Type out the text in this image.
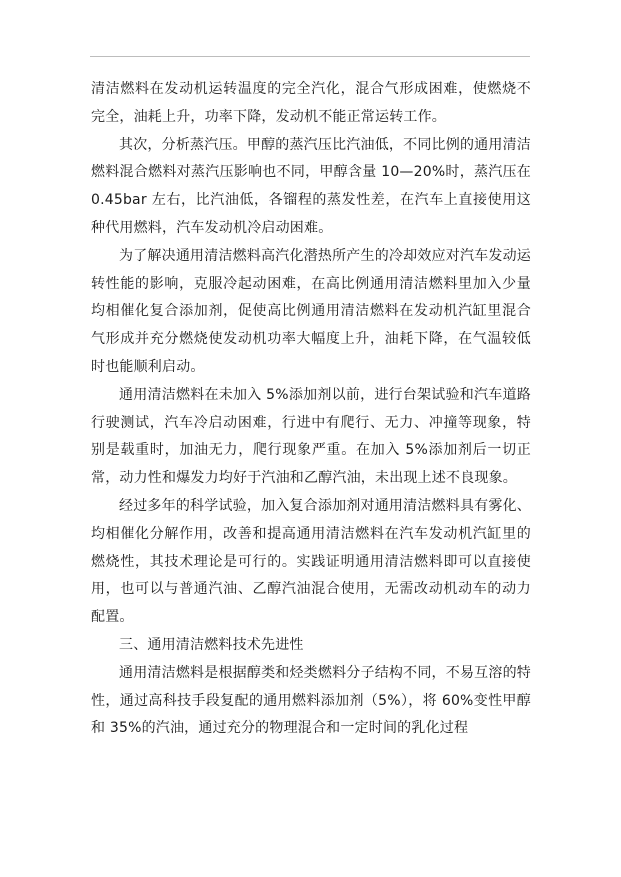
清洁燃料在发动机运转温度的完全汽化，混合气形成困难，使燃烧不完全，油耗上升，功率下降，发动机不能正常运转工作。

其次，分析蒸汽压。甲醇的蒸汽压比汽油低，不同比例的通用清洁燃料混合燃料对蒸汽压影响也不同，甲醇含量 10—20%时，蒸汽压在 0.45bar 左右，比汽油低，各镏程的蒸发性差，在汽车上直接使用这种代用燃料，汽车发动机冷启动困难。

为了解决通用清洁燃料高汽化潜热所产生的冷却效应对汽车发动运转性能的影响，克服冷起动困难，在高比例通用清洁燃料里加入少量均相催化复合添加剂，促使高比例通用清洁燃料在发动机汽缸里混合气形成并充分燃烧使发动机功率大幅度上升，油耗下降，在气温较低时也能顺利启动。

通用清洁燃料在未加入 5%添加剂以前，进行台架试验和汽车道路行驶测试，汽车冷启动困难，行进中有爬行、无力、冲撞等现象，特别是载重时，加油无力，爬行现象严重。在加入 5%添加剂后一切正常，动力性和爆发力均好于汽油和乙醇汽油，未出现上述不良现象。

经过多年的科学试验，加入复合添加剂对通用清洁燃料具有雾化、均相催化分解作用，改善和提高通用清洁燃料在汽车发动机汽缸里的燃烧性，其技术理论是可行的。实践证明通用清洁燃料即可以直接使用，也可以与普通汽油、乙醇汽油混合使用，无需改动机动车的动力配置。

三、通用清洁燃料技术先进性

通用清洁燃料是根据醇类和烃类燃料分子结构不同，不易互溶的特性，通过高科技手段复配的通用燃料添加剂（5%），将 60%变性甲醇和 35%的汽油，通过充分的物理混合和一定时间的乳化过程
